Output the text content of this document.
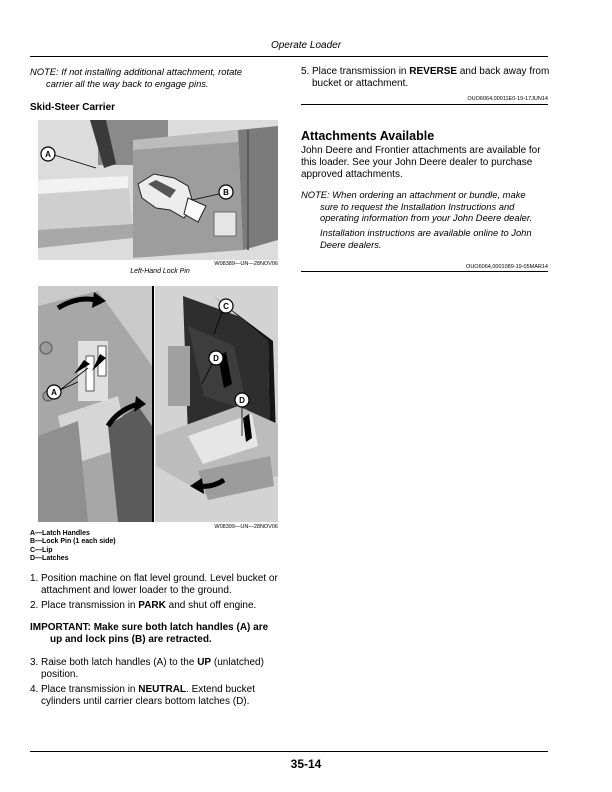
Operate Loader
NOTE: If not installing additional attachment, rotate
carrier all the way back to engage pins.
Skid-Steer Carrier
A
B
W08389—UN—28NOV06
Left-Hand Lock Pin
A
C
D
D
W08399—UN—28NOV06
A—Latch Handles
B—Lock Pin (1 each side)
C—Lip
D—Latches
1. Position machine on flat level ground. Level bucket or attachment and lower loader to the ground.
2. Place transmission in PARK and shut off engine.
IMPORTANT: Make sure both latch handles (A) are
up and lock pins (B) are retracted.
3. Raise both latch handles (A) to the UP (unlatched) position.
4. Place transmission in NEUTRAL. Extend bucket cylinders until carrier clears bottom latches (D).
5. Place transmission in REVERSE and back away from bucket or attachment.
OUO6064,00011E0-19-17JUN14
Attachments Available
John Deere and Frontier attachments are available for this loader. See your John Deere dealer to purchase approved attachments.
NOTE: When ordering an attachment or bundle, make
sure to request the Installation Instructions and operating information from your John Deere dealer.
Installation instructions are available online to John Deere dealers.
OUO6064,0001089-19-05MAR14
35-14
